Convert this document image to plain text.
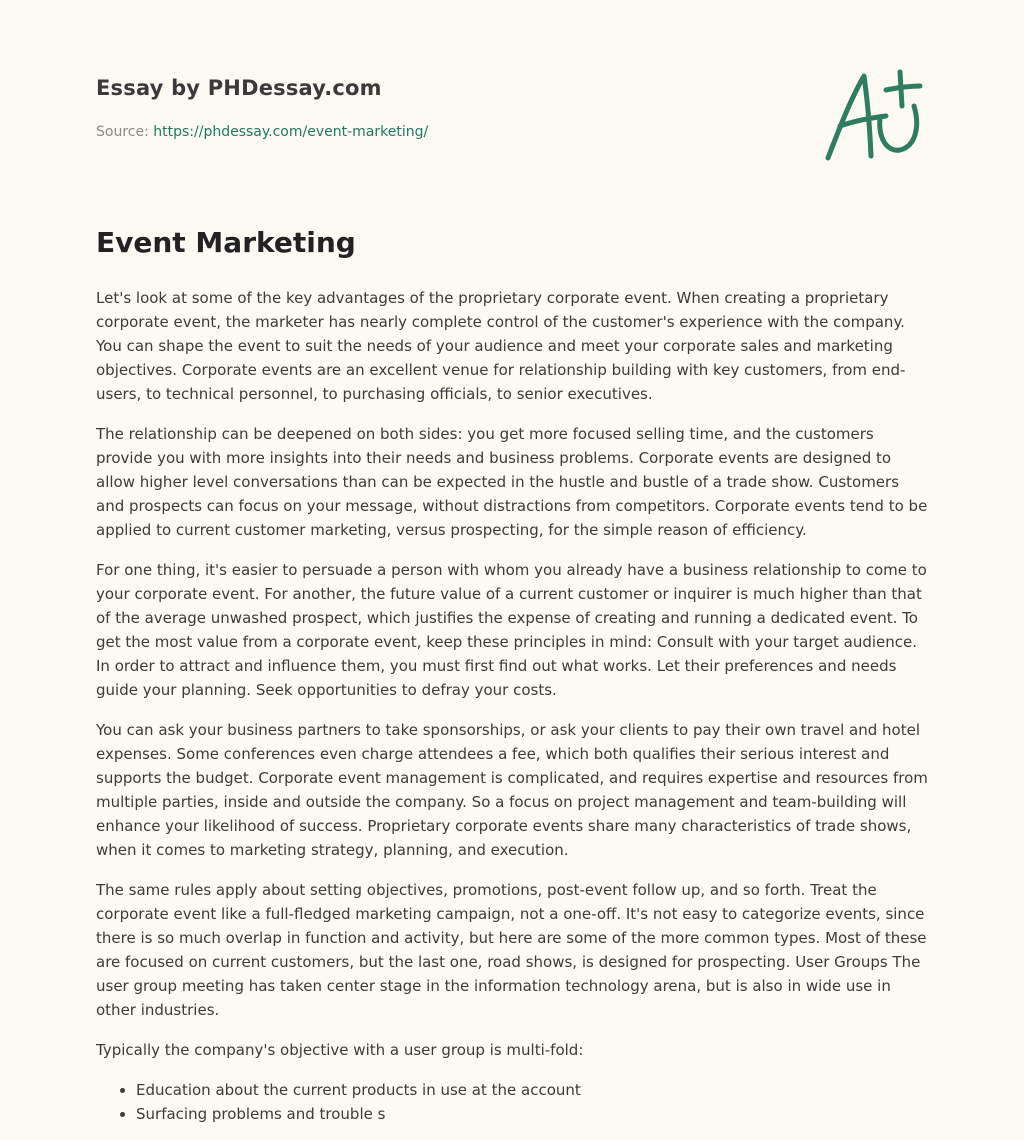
Essay by PHDessay.com
Source: https://phdessay.com/event-marketing/
Event Marketing

Let's look at some of the key advantages of the proprietary corporate event. When creating a proprietary corporate event, the marketer has nearly complete control of the customer's experience with the company. You can shape the event to suit the needs of your audience and meet your corporate sales and marketing objectives. Corporate events are an excellent venue for relationship building with key customers, from end-users, to technical personnel, to purchasing officials, to senior executives.

The relationship can be deepened on both sides: you get more focused selling time, and the customers provide you with more insights into their needs and business problems. Corporate events are designed to allow higher level conversations than can be expected in the hustle and bustle of a trade show. Customers and prospects can focus on your message, without distractions from competitors. Corporate events tend to be applied to current customer marketing, versus prospecting, for the simple reason of efficiency.

For one thing, it's easier to persuade a person with whom you already have a business relationship to come to your corporate event. For another, the future value of a current customer or inquirer is much higher than that of the average unwashed prospect, which justifies the expense of creating and running a dedicated event. To get the most value from a corporate event, keep these principles in mind: Consult with your target audience. In order to attract and influence them, you must first find out what works. Let their preferences and needs guide your planning. Seek opportunities to defray your costs.

You can ask your business partners to take sponsorships, or ask your clients to pay their own travel and hotel expenses. Some conferences even charge attendees a fee, which both qualifies their serious interest and supports the budget. Corporate event management is complicated, and requires expertise and resources from multiple parties, inside and outside the company. So a focus on project management and team-building will enhance your likelihood of success. Proprietary corporate events share many characteristics of trade shows, when it comes to marketing strategy, planning, and execution.

The same rules apply about setting objectives, promotions, post-event follow up, and so forth. Treat the corporate event like a full-fledged marketing campaign, not a one-off. It's not easy to categorize events, since there is so much overlap in function and activity, but here are some of the more common types. Most of these are focused on current customers, but the last one, road shows, is designed for prospecting. User Groups The user group meeting has taken center stage in the information technology arena, but is also in wide use in other industries.

Typically the company's objective with a user group is multi-fold:

• Education about the current products in use at the account
• Surfacing problems and trouble s
